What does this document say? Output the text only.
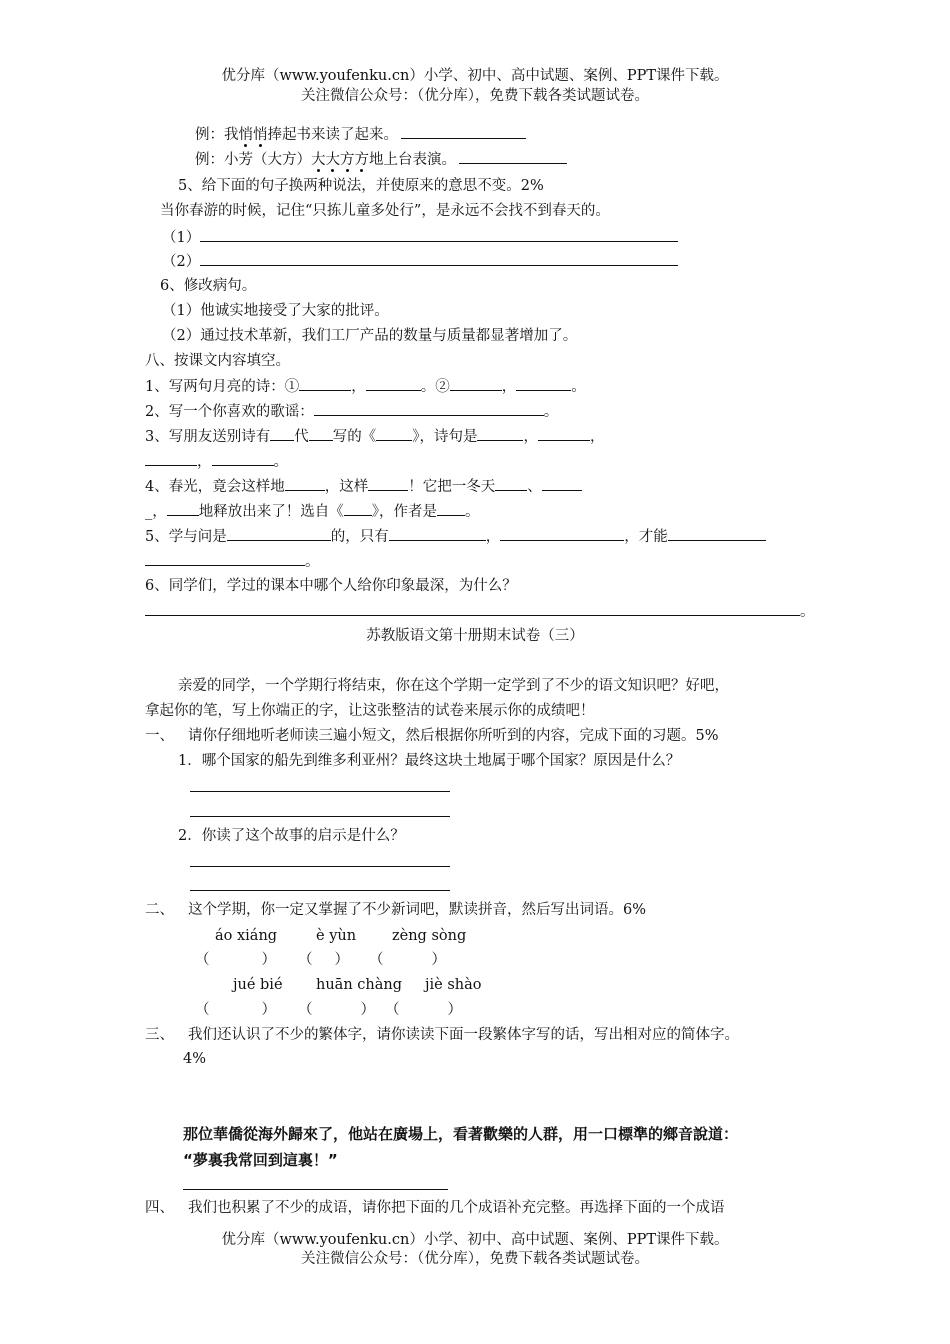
优分库（www.youfenku.cn）小学、初中、高中试题、案例、PPT课件下载。
关注微信公众号：（优分库），免费下载各类试题试卷。
例：我悄悄捧起书来读了起来。
例：小芳（大方）大大方方地上台表演。
5、给下面的句子换两种说法，并使原来的意思不变。2%
当你春游的时候，记住“只拣儿童多处行”，是永远不会找不到春天的。
（1）
（2）
6、修改病句。
（1）他诚实地接受了大家的批评。
（2）通过技术革新，我们工厂产品的数量与质量都显著增加了。
八、按课文内容填空。
1、写两句月亮的诗：①	，	。②	，	。
2、写一个你喜欢的歌谣：	。
3、写朋友送别诗有 代 写的《 》，诗句是	，	，
，	。
4、春光，竟会这样地	，这样	！它把一冬天 、
_， 地释放出来了！选自《 》，作者是 。
5、学与问是	的，只有	，	，才能
。
6、同学们，学过的课本中哪个人给你印象最深，为什么？
。
苏教版语文第十册期末试卷（三）
亲爱的同学，一个学期行将结束，你在这个学期一定学到了不少的语文知识吧？好吧，
拿起你的笔，写上你端正的字，让这张整洁的试卷来展示你的成绩吧！
一、 请你仔细地听老师读三遍小短文，然后根据你所听到的内容，完成下面的习题。5%
1．哪个国家的船先到维多利亚州？最终这块土地属于哪个国家？原因是什么？
2．你读了这个故事的启示是什么？
二、 这个学期，你一定又掌握了不少新词吧，默读拼音，然后写出词语。6%
áo xiáng	è yùn zèng sòng
（	） （ ） （	）
jué bié huān chàng jiè shào
（	） （	） （	）
三、 我们还认识了不少的繁体字，请你读读下面一段繁体字写的话，写出相对应的简体字。
4%
那位華僑從海外歸來了，他站在廣場上，看著歡樂的人群，用一口標準的鄉音說道：
“夢裏我常回到這裏！”
四、 我们也积累了不少的成语，请你把下面的几个成语补充完整。再选择下面的一个成语
优分库（www.youfenku.cn）小学、初中、高中试题、案例、PPT课件下载。
关注微信公众号：（优分库），免费下载各类试题试卷。
